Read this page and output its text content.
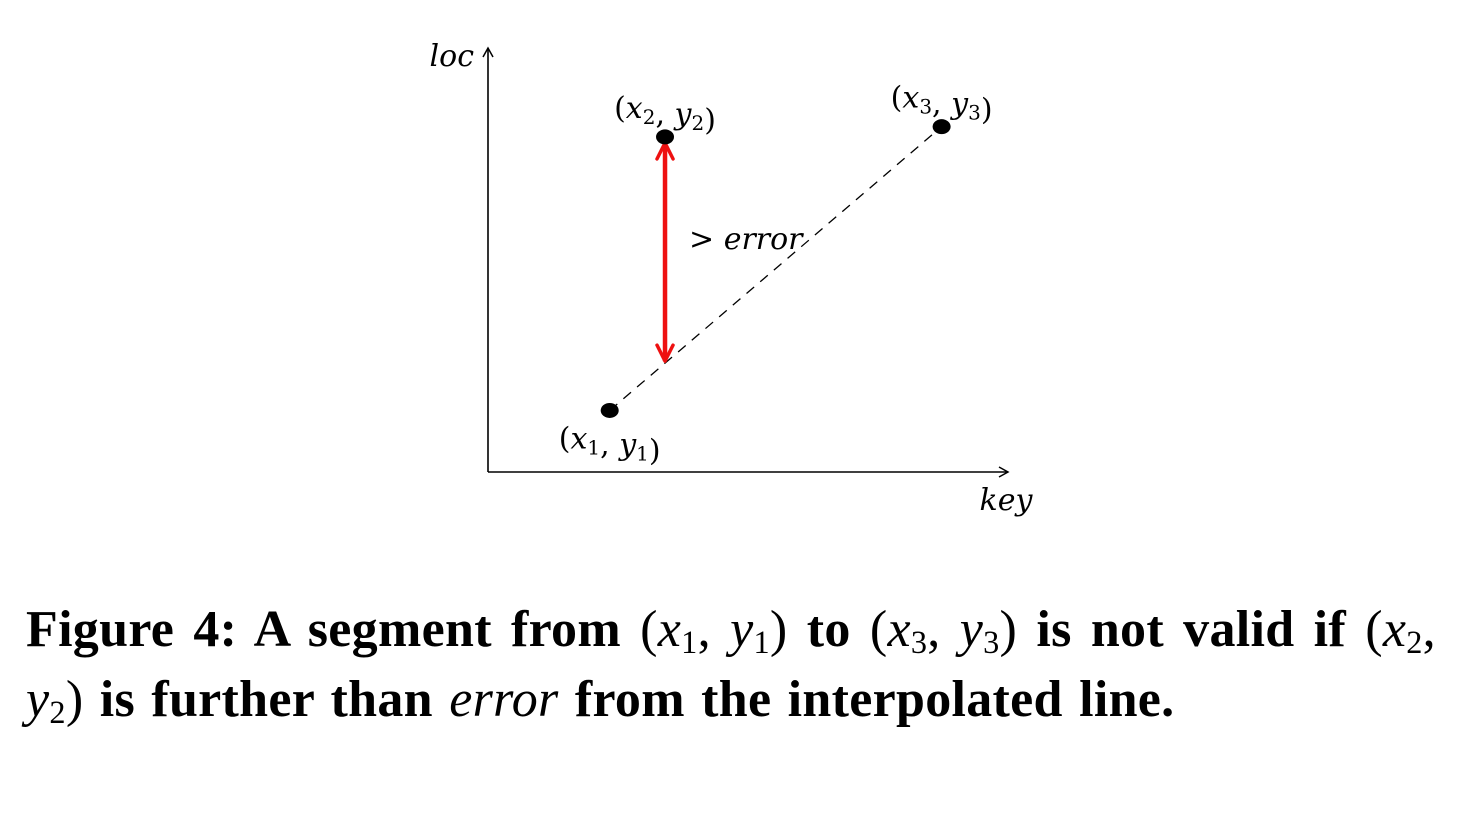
loc
key
> error
($x_1$, $y_1$)
($x_2$, $y_2$)
($x_3$, $y_3$)
Figure 4: A segment from ($x_1$, $y_1$) to ($x_3$, $y_3$) is not valid if ($x_2$, $y_2$) is further than error from the interpolated line.
